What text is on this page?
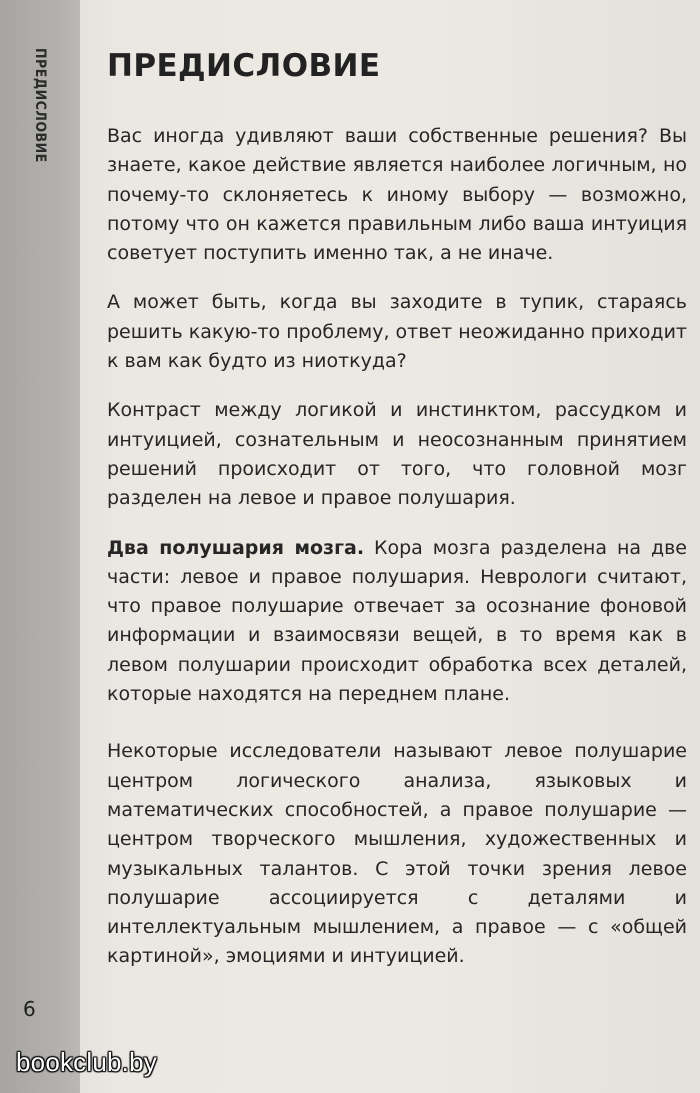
ПРЕДИСЛОВИЕ
6
ПРЕДИСЛОВИЕ

Вас иногда удивляют ваши собственные решения? Вы знаете, какое действие является наиболее логичным, но почему-то склоняетесь к иному выбору — возможно, потому что он кажется правильным либо ваша интуиция советует поступить именно так, а не иначе.

А может быть, когда вы заходите в тупик, стараясь решить какую-то проблему, ответ неожиданно приходит к вам как будто из ниоткуда?

Контраст между логикой и инстинктом, рассудком и интуицией, сознательным и неосознанным принятием решений происходит от того, что головной мозг разделен на левое и правое полушария.

Два полушария мозга. Кора мозга разделена на две части: левое и правое полушария. Неврологи считают, что правое полушарие отвечает за осознание фоновой информации и взаимосвязи вещей, в то время как в левом полушарии происходит обработка всех деталей, которые находятся на переднем плане.

Некоторые исследователи называют левое полушарие центром логического анализа, языковых и математических способностей, а правое полушарие — центром творческого мышления, художественных и музыкальных талантов. С этой точки зрения левое полушарие ассоциируется с деталями и интеллектуальным мышлением, а правое — с «общей картиной», эмоциями и интуицией.

bookclub.by
